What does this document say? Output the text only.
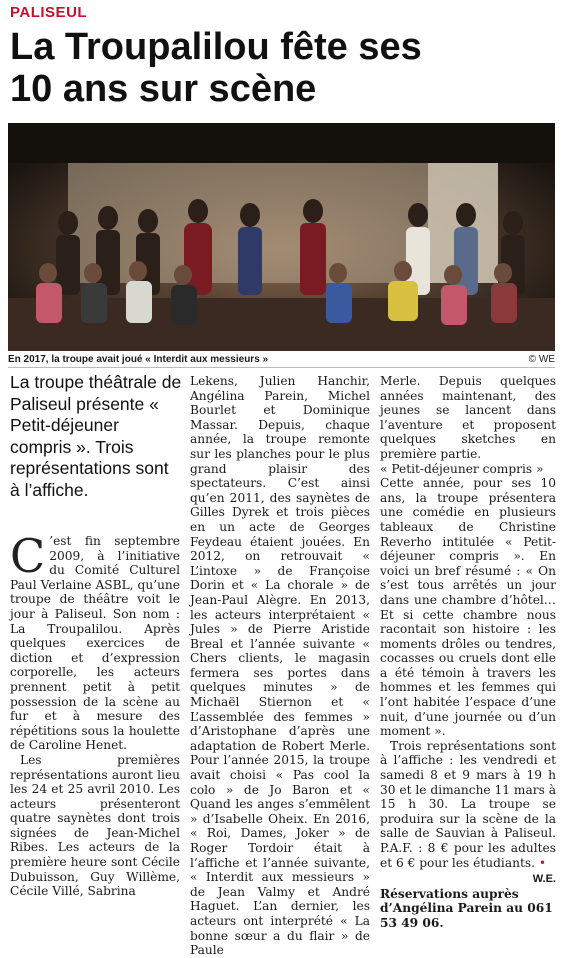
PALISEUL
La Troupalilou fête ses
10 ans sur scène
En 2017, la troupe avait joué « Interdit aux messieurs »	© WE
La troupe théâtrale de Paliseul présente « Petit-déjeuner compris ». Trois représentations sont à l’affiche.

C ’est fin septembre 2009, à l’initiative du Comité Culturel Paul Verlaine ASBL, qu’une troupe de théâtre voit le jour à Paliseul. Son nom : La Troupalilou. Après quelques exercices de diction et d’expression corporelle, les acteurs prennent petit à petit possession de la scène au fur et à mesure des répétitions sous la houlette de Caroline Henet.

Les premières représentations auront lieu les 24 et 25 avril 2010. Les acteurs présenteront quatre saynètes dont trois signées de Jean-Michel Ribes. Les acteurs de la première heure sont Cécile Dubuisson, Guy Willème, Cécile Villé, Sabrina

Lekens, Julien Hanchir, Angélina Parein, Michel Bourlet et Dominique Massar. Depuis, chaque année, la troupe remonte sur les planches pour le plus grand plaisir des spectateurs. C’est ainsi qu’en 2011, des saynètes de Gilles Dyrek et trois pièces en un acte de Georges Feydeau étaient jouées. En 2012, on retrouvait « L’intoxe » de Françoise Dorin et « La chorale » de Jean-Paul Alègre. En 2013, les acteurs interprétaient « Jules » de Pierre Aristide Breal et l’année suivante « Chers clients, le magasin fermera ses portes dans quelques minutes » de Michaël Stiernon et « L’assemblée des femmes » d’Aristophane d’après une adaptation de Robert Merle. Pour l’année 2015, la troupe avait choisi « Pas cool la colo » de Jo Baron et « Quand les anges s’emmêlent » d’Isabelle Oheix. En 2016, « Roi, Dames, Joker » de Roger Tordoir était à l’affiche et l’année suivante, « Interdit aux messieurs » de Jean Valmy et André Haguet. L’an dernier, les acteurs ont interprété « La bonne sœur a du flair » de Paule

Merle. Depuis quelques années maintenant, des jeunes se lancent dans l’aventure et proposent quelques sketches en première partie.

« Petit-déjeuner compris »

Cette année, pour ses 10 ans, la troupe présentera une comédie en plusieurs tableaux de Christine Reverho intitulée « Petit-déjeuner compris ». En voici un bref résumé : « On s’est tous arrêtés un jour dans une chambre d’hôtel… Et si cette chambre nous racontait son histoire : les moments drôles ou tendres, cocasses ou cruels dont elle a été témoin à travers les hommes et les femmes qui l’ont habitée l’espace d’une nuit, d’une journée ou d’un moment ».

Trois représentations sont à l’affiche : les vendredi et samedi 8 et 9 mars à 19 h 30 et le dimanche 11 mars à 15 h 30. La troupe se produira sur la scène de la salle de Sauvian à Paliseul. P.A.F. : 8 € pour les adultes et 6 € pour les étudiants. •

W.E.

Réservations auprès d’Angélina Parein au 061 53 49 06.
